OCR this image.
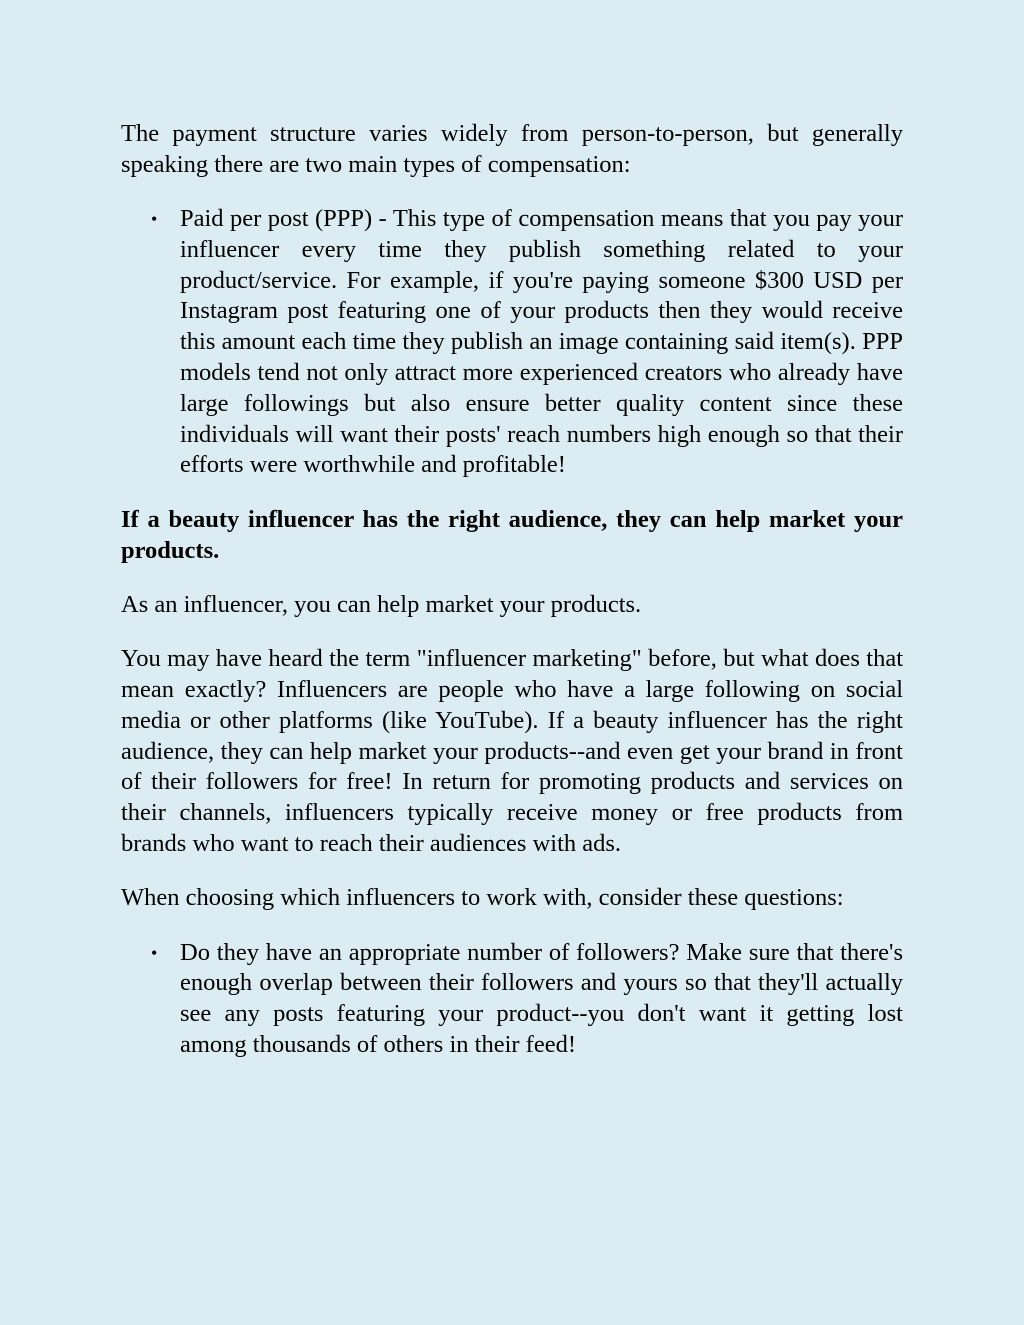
The payment structure varies widely from person-to-person, but generally speaking there are two main types of compensation:

• Paid per post (PPP) - This type of compensation means that you pay your influencer every time they publish something related to your product/service. For example, if you're paying someone $300 USD per Instagram post featuring one of your products then they would receive this amount each time they publish an image containing said item(s). PPP models tend not only attract more experienced creators who already have large followings but also ensure better quality content since these individuals will want their posts' reach numbers high enough so that their efforts were worthwhile and profitable!

If a beauty influencer has the right audience, they can help market your products.

As an influencer, you can help market your products.

You may have heard the term "influencer marketing" before, but what does that mean exactly? Influencers are people who have a large following on social media or other platforms (like YouTube). If a beauty influencer has the right audience, they can help market your products--and even get your brand in front of their followers for free! In return for promoting products and services on their channels, influencers typically receive money or free products from brands who want to reach their audiences with ads.

When choosing which influencers to work with, consider these questions:

• Do they have an appropriate number of followers? Make sure that there's enough overlap between their followers and yours so that they'll actually see any posts featuring your product--you don't want it getting lost among thousands of others in their feed!
